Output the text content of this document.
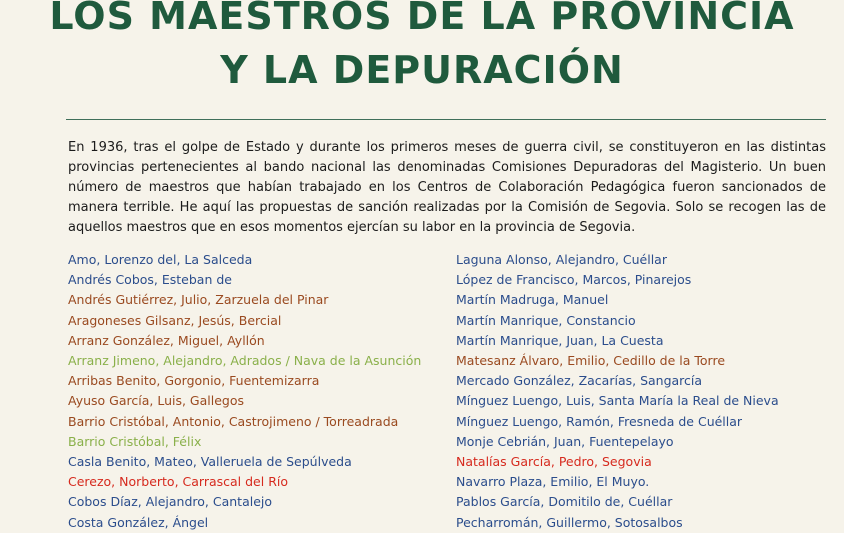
LOS MAESTROS DE LA PROVINCIA
Y LA DEPURACIÓN

En 1936, tras el golpe de Estado y durante los primeros meses de guerra civil, se constituyeron en las distintas provincias pertenecientes al bando nacional las denominadas Comisiones Depuradoras del Magisterio. Un buen número de maestros que habían trabajado en los Centros de Colaboración Pedagógica fueron sancionados de manera terrible. He aquí las propuestas de sanción realizadas por la Comisión de Segovia. Solo se recogen las de aquellos maestros que en esos momentos ejercían su labor en la provincia de Segovia.

Amo, Lorenzo del, La Salceda
Andrés Cobos, Esteban de
Andrés Gutiérrez, Julio, Zarzuela del Pinar
Aragoneses Gilsanz, Jesús, Bercial
Arranz González, Miguel, Ayllón
Arranz Jimeno, Alejandro, Adrados / Nava de la Asunción
Arribas Benito, Gorgonio, Fuentemizarra
Ayuso García, Luis, Gallegos
Barrio Cristóbal, Antonio, Castrojimeno / Torreadrada
Barrio Cristóbal, Félix
Casla Benito, Mateo, Valleruela de Sepúlveda
Cerezo, Norberto, Carrascal del Río
Cobos Díaz, Alejandro, Cantalejo
Costa González, Ángel
Laguna Alonso, Alejandro, Cuéllar
López de Francisco, Marcos, Pinarejos
Martín Madruga, Manuel
Martín Manrique, Constancio
Martín Manrique, Juan, La Cuesta
Matesanz Álvaro, Emilio, Cedillo de la Torre
Mercado González, Zacarías, Sangarcía
Mínguez Luengo, Luis, Santa María la Real de Nieva
Mínguez Luengo, Ramón, Fresneda de Cuéllar
Monje Cebrián, Juan, Fuentepelayo
Natalías García, Pedro, Segovia
Navarro Plaza, Emilio, El Muyo.
Pablos García, Domitilo de, Cuéllar
Pecharromán, Guillermo, Sotosalbos
